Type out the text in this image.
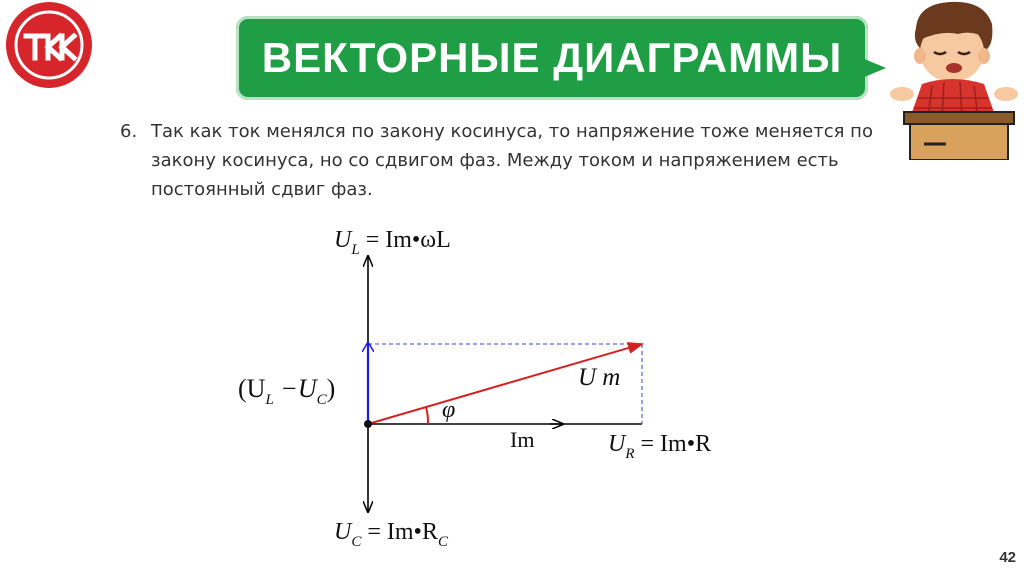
ВЕКТОРНЫЕ ДИАГРАММЫ
6. Так как ток менялся по закону косинуса, то напряжение тоже меняется по закону косинуса, но со сдвигом фаз. Между током и напряжением есть постоянный сдвиг фаз.
$U_L$ = Im•ωL
$(U_L -U_C)$	U m
φ
Im	$U_R$ = Im•R
$U_C$ = $Im•R_C$
42
